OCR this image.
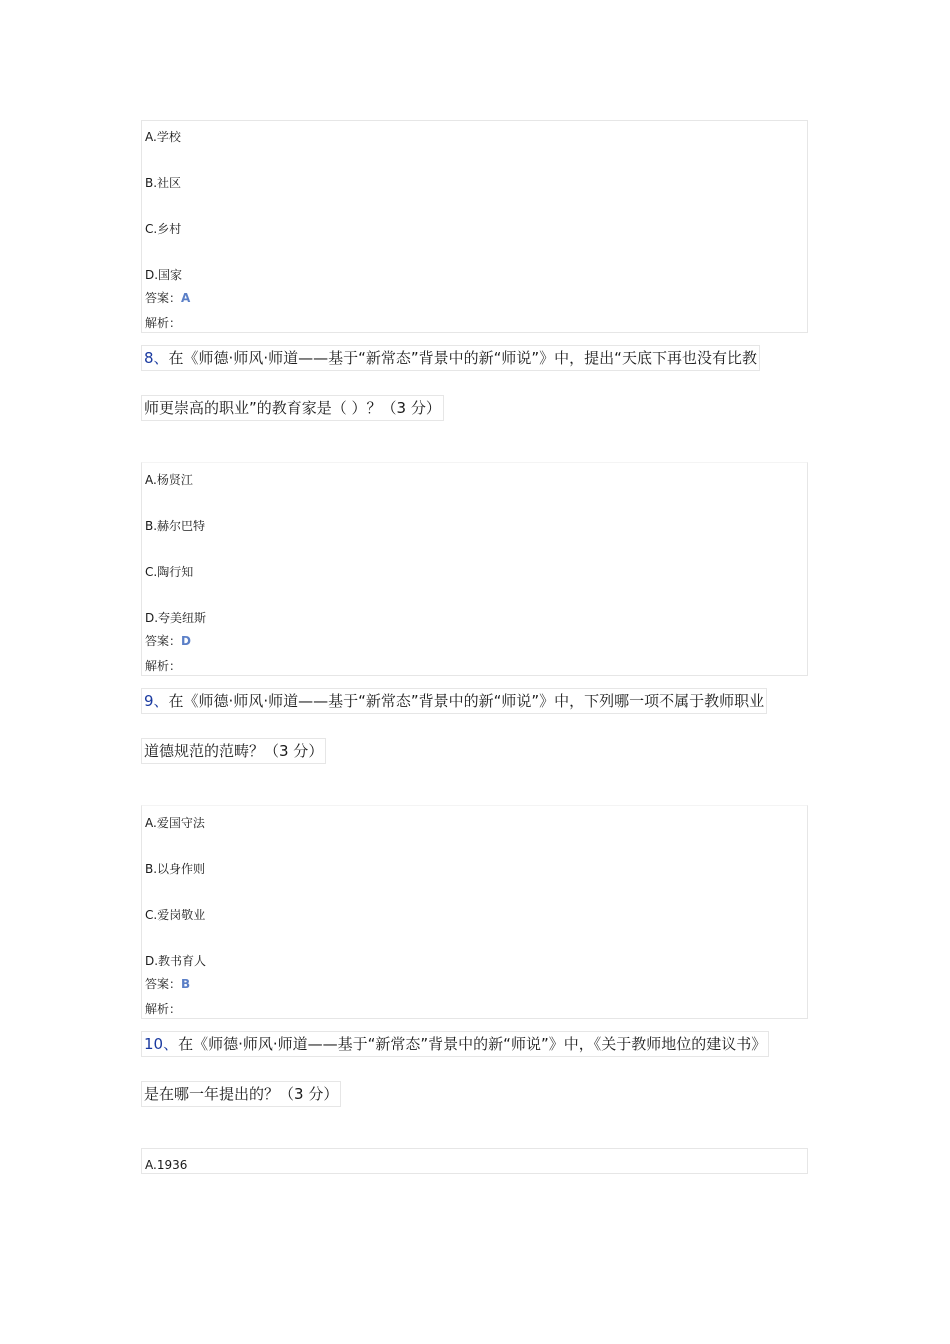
A.学校
B.社区
C.乡村
D.国家
答案：A
解析：
8、在《师德·师风·师道——基于“新常态”背景中的新“师说”》中，提出“天底下再也没有比教
师更崇高的职业”的教育家是（ ）？（3 分）
A.杨贤江
B.赫尔巴特
C.陶行知
D.夸美纽斯
答案：D
解析：
9、在《师德·师风·师道——基于“新常态”背景中的新“师说”》中，下列哪一项不属于教师职业
道德规范的范畴？（3 分）
A.爱国守法
B.以身作则
C.爱岗敬业
D.教书育人
答案：B
解析：
10、在《师德·师风·师道——基于“新常态”背景中的新“师说”》中，《关于教师地位的建议书》
是在哪一年提出的？（3 分）
A.1936
